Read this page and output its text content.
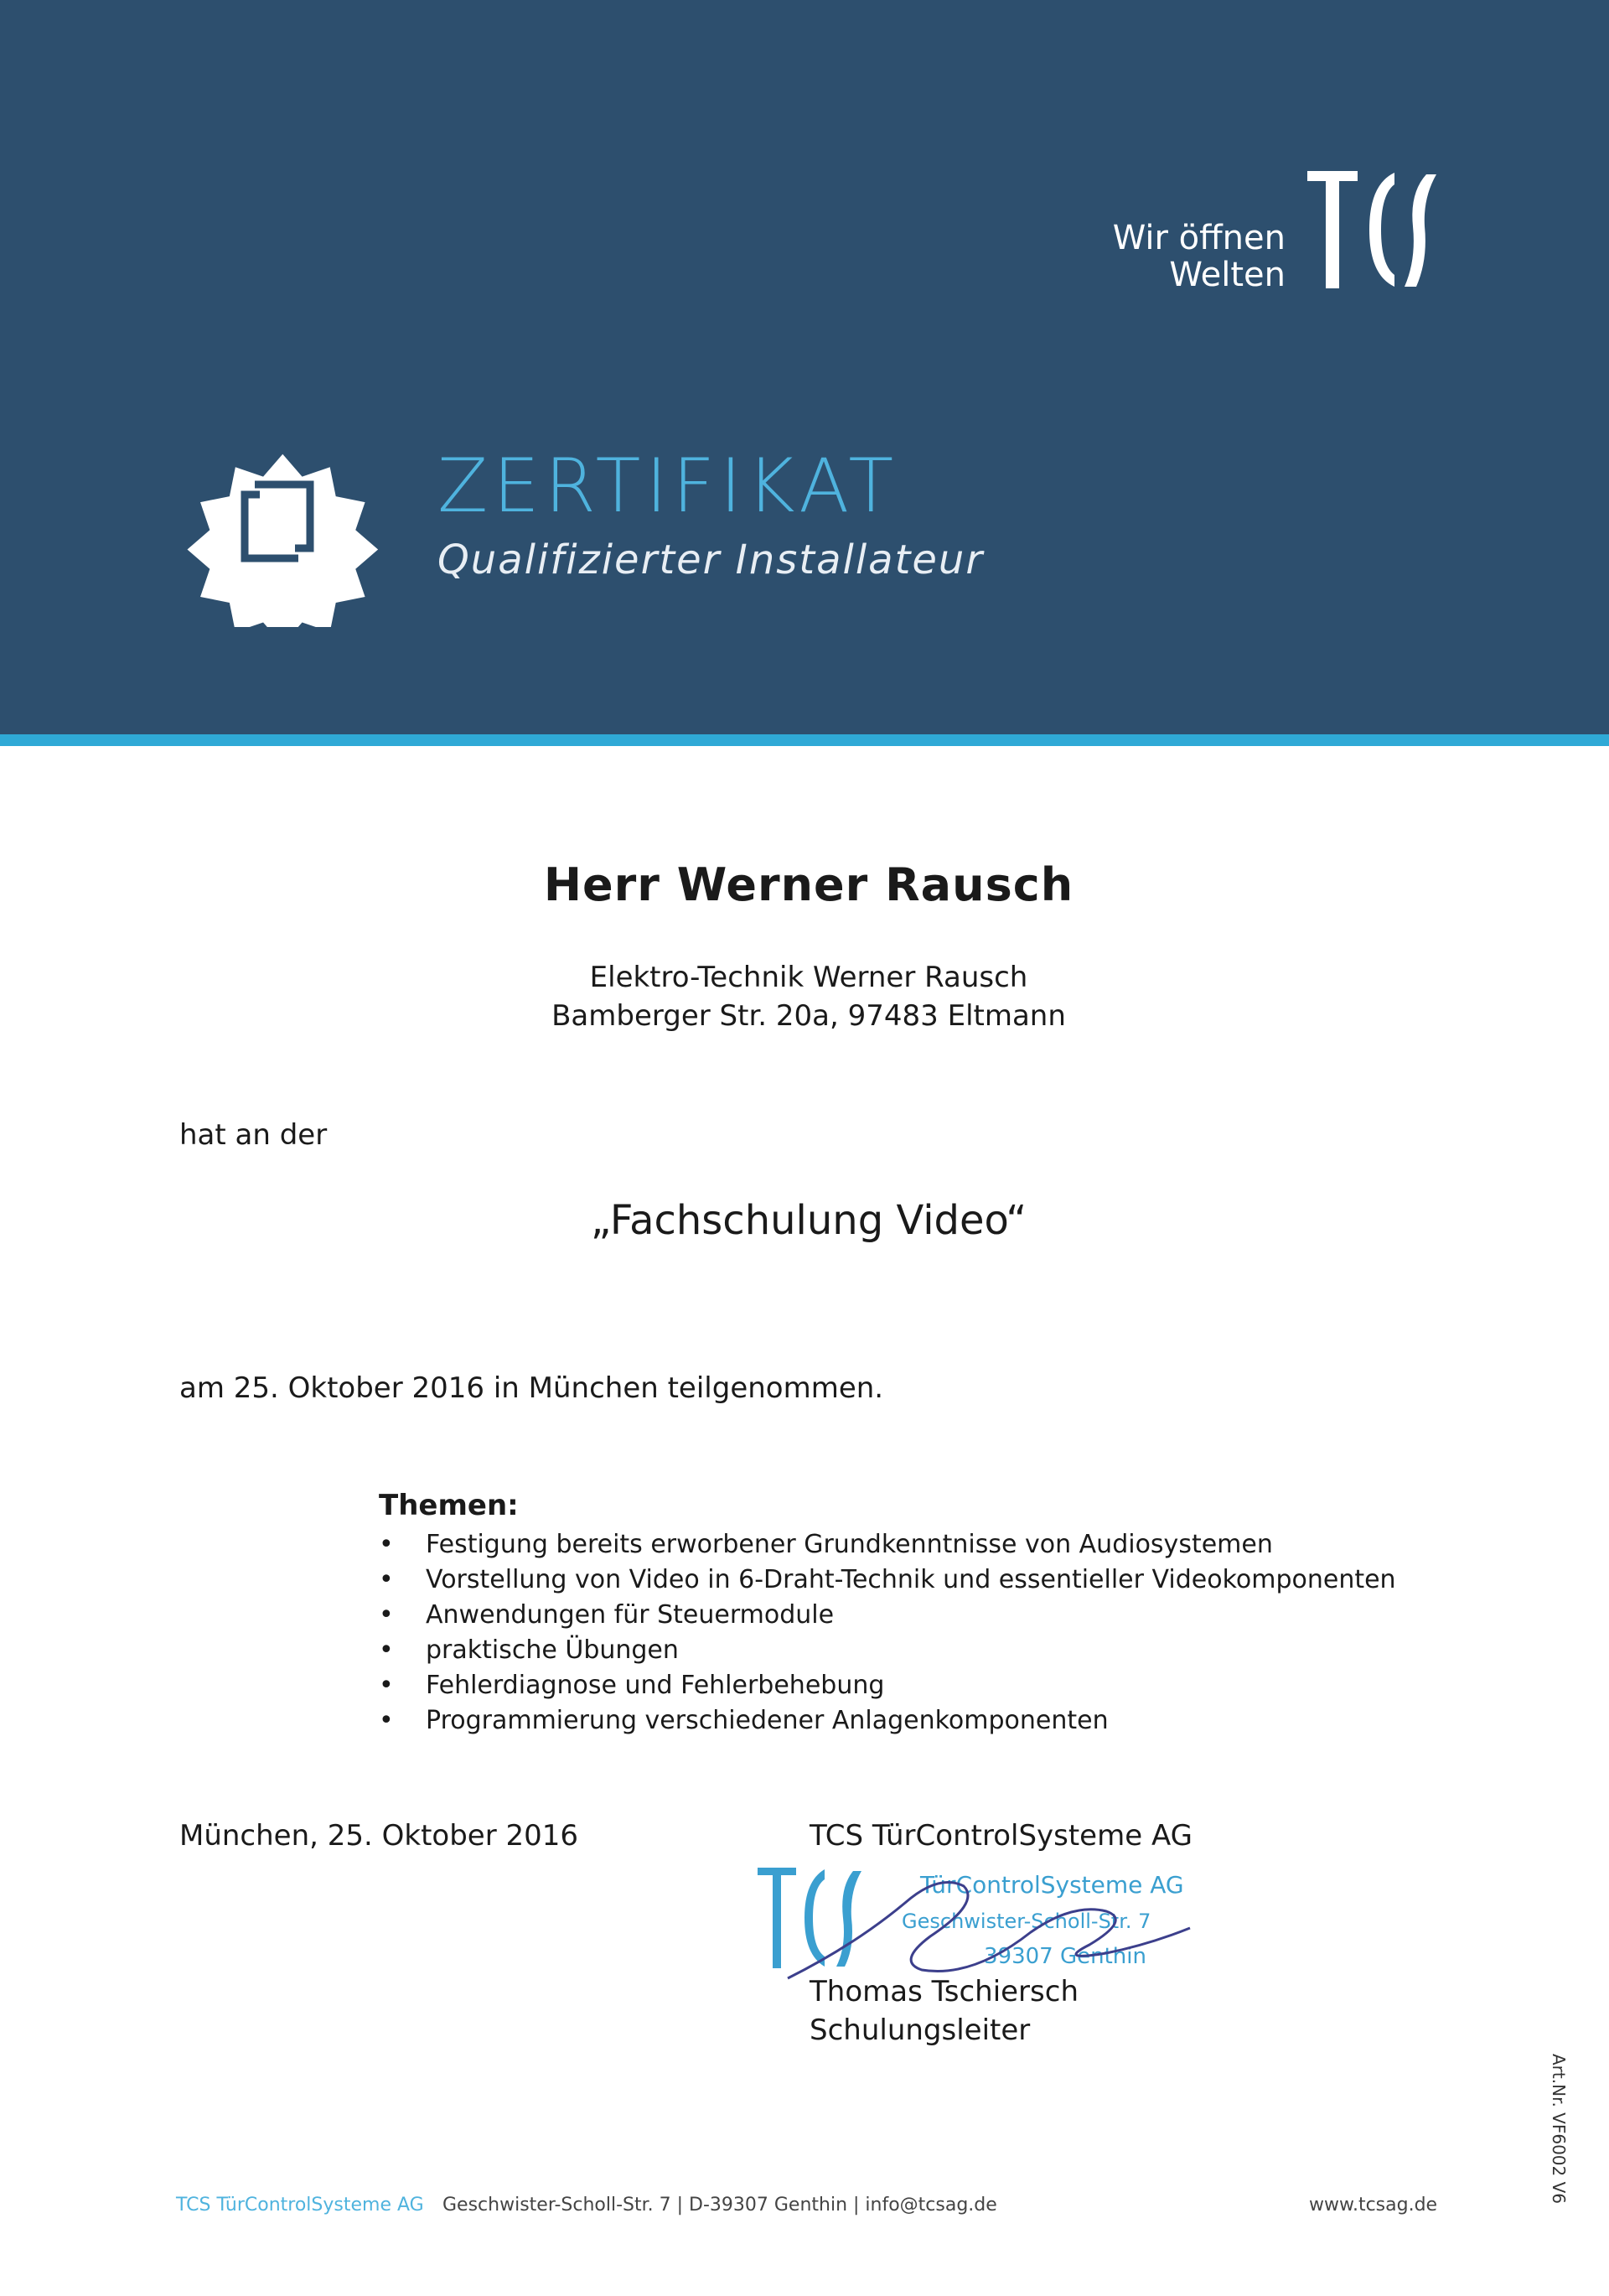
Wir öffnen
Welten
ZERTIFIKAT
Qualifizierter Installateur
Herr Werner Rausch
Elektro-Technik Werner Rausch
Bamberger Str. 20a, 97483 Eltmann
hat an der
„Fachschulung Video“
am 25. Oktober 2016 in München teilgenommen.
Themen:
• Festigung bereits erworbener Grundkenntnisse von Audiosystemen
• Vorstellung von Video in 6-Draht-Technik und essentieller Videokomponenten
• Anwendungen für Steuermodule
• praktische Übungen
• Fehlerdiagnose und Fehlerbehebung
• Programmierung verschiedener Anlagenkomponenten
München, 25. Oktober 2016	TCS TürControlSysteme AG
TürControlSysteme AG
Geschwister-Scholl-Str. 7
39307 Genthin
Thomas Tschiersch
Schulungsleiter
TCS TürControlSysteme AG Geschwister-Scholl-Str. 7 | D-39307 Genthin | info@tcsag.de	www.tcsag.de
Art.Nr. VF6002 V6
